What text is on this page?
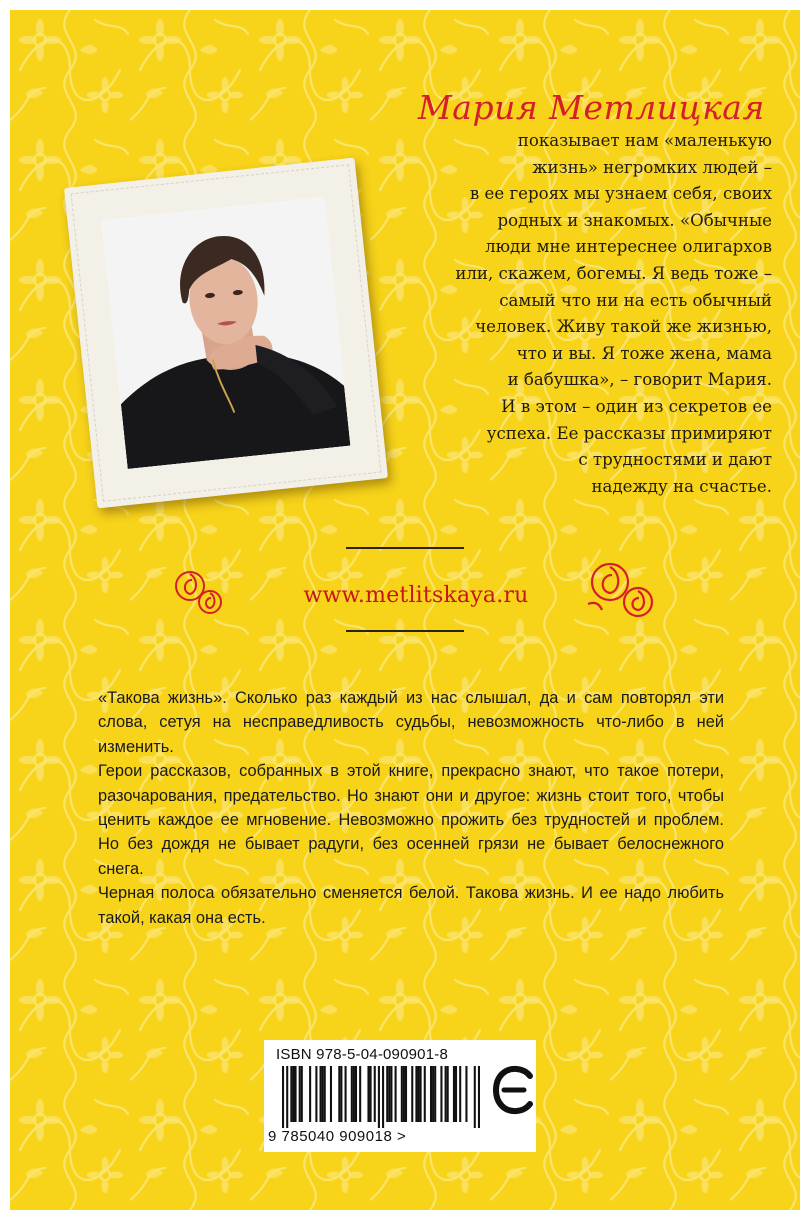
Мария Метлицкая
показывает нам «маленькую
жизнь» негромких людей –
в ее героях мы узнаем себя, своих
родных и знакомых. «Обычные
люди мне интереснее олигархов
или, скажем, богемы. Я ведь тоже –
самый что ни на есть обычный
человек. Живу такой же жизнью,
что и вы. Я тоже жена, мама
и бабушка», – говорит Мария.
И в этом – один из секретов ее
успеха. Ее рассказы примиряют
с трудностями и дают
надежду на счастье.
www.metlitskaya.ru

«Такова жизнь». Сколько раз каждый из нас слышал, да и сам повторял эти слова, сетуя на несправедливость судьбы, невозможность что-либо в ней изменить.

Герои рассказов, собранных в этой книге, прекрасно знают, что такое потери, разочарования, предательство. Но знают они и другое: жизнь стоит того, чтобы ценить каждое ее мгновение. Невозможно прожить без трудностей и проблем. Но без дождя не бывает радуги, без осенней грязи не бывает белоснежного снега.

Черная полоса обязательно сменяется белой. Такова жизнь. И ее надо любить такой, какая она есть.

ISBN 978-5-04-090901-8
9 785040 909018 >
